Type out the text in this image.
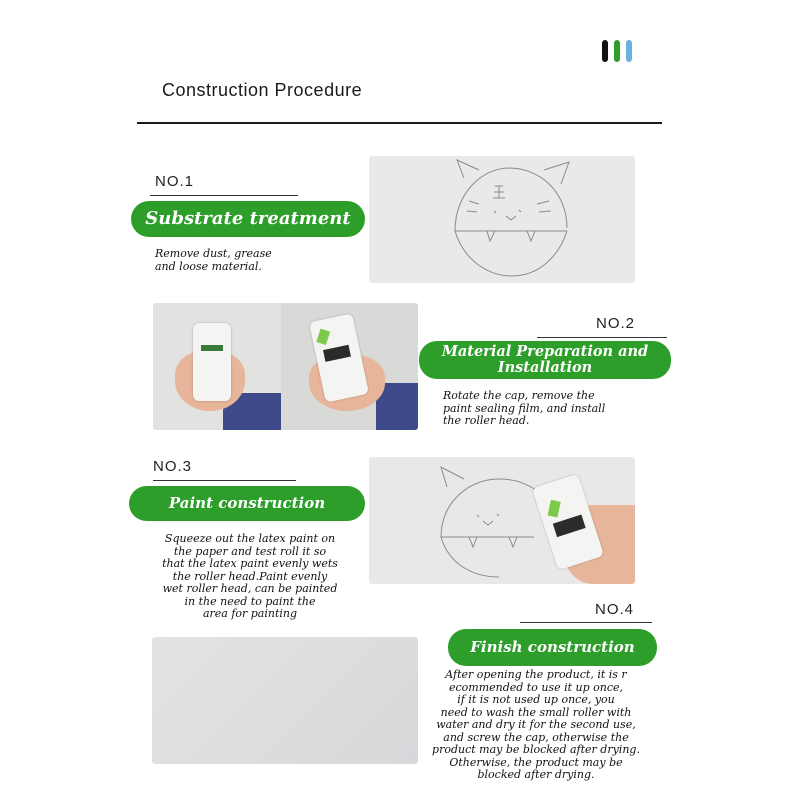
Construction Procedure
NO.1
Substrate treatment
Remove dust, grease
and loose material.
NO.2
Material Preparation and Installation
Rotate the cap, remove the
paint sealing film, and install
the roller head.
NO.3
Paint construction
Squeeze out the latex paint on
the paper and test roll it so
that the latex paint evenly wets
the roller head.Paint evenly
wet roller head, can be painted
in the need to paint the
area for painting	NO.4
Finish construction
After opening the product, it is r
ecommended to use it up once,
if it is not used up once, you
need to wash the small roller with
water and dry it for the second use,
and screw the cap, otherwise the
product may be blocked after drying.
Otherwise, the product may be
blocked after drying.
